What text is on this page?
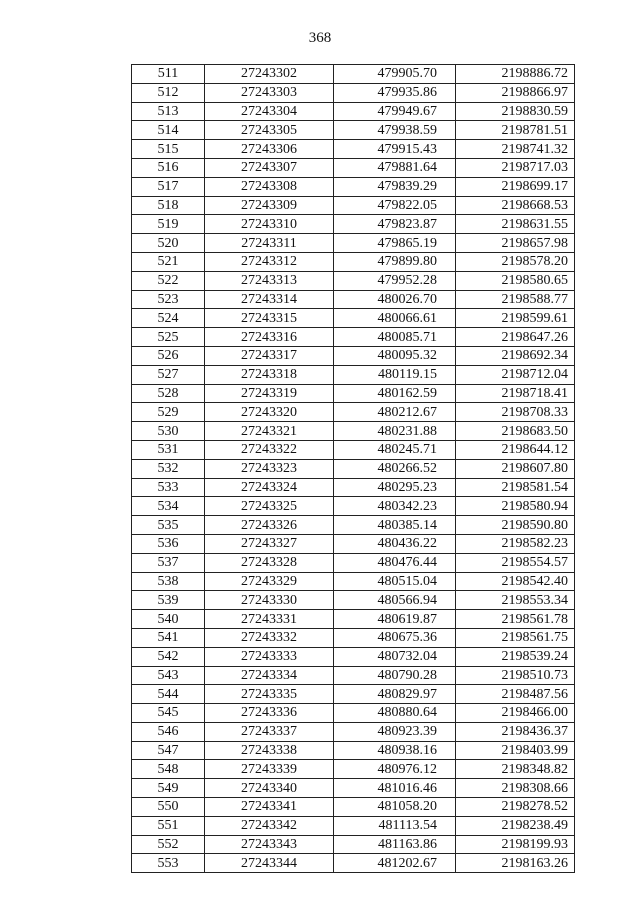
368
511	27243302	479905.70	2198886.72
512	27243303	479935.86	2198866.97
513	27243304	479949.67	2198830.59
514	27243305	479938.59	2198781.51
515	27243306	479915.43	2198741.32
516	27243307	479881.64	2198717.03
517	27243308	479839.29	2198699.17
518	27243309	479822.05	2198668.53
519	27243310	479823.87	2198631.55
520	27243311	479865.19	2198657.98
521	27243312	479899.80	2198578.20
522	27243313	479952.28	2198580.65
523	27243314	480026.70	2198588.77
524	27243315	480066.61	2198599.61
525	27243316	480085.71	2198647.26
526	27243317	480095.32	2198692.34
527	27243318	480119.15	2198712.04
528	27243319	480162.59	2198718.41
529	27243320	480212.67	2198708.33
530	27243321	480231.88	2198683.50
531	27243322	480245.71	2198644.12
532	27243323	480266.52	2198607.80
533	27243324	480295.23	2198581.54
534	27243325	480342.23	2198580.94
535	27243326	480385.14	2198590.80
536	27243327	480436.22	2198582.23
537	27243328	480476.44	2198554.57
538	27243329	480515.04	2198542.40
539	27243330	480566.94	2198553.34
540	27243331	480619.87	2198561.78
541	27243332	480675.36	2198561.75
542	27243333	480732.04	2198539.24
543	27243334	480790.28	2198510.73
544	27243335	480829.97	2198487.56
545	27243336	480880.64	2198466.00
546	27243337	480923.39	2198436.37
547	27243338	480938.16	2198403.99
548	27243339	480976.12	2198348.82
549	27243340	481016.46	2198308.66
550	27243341	481058.20	2198278.52
551	27243342	481113.54	2198238.49
552	27243343	481163.86	2198199.93
553	27243344	481202.67	2198163.26
